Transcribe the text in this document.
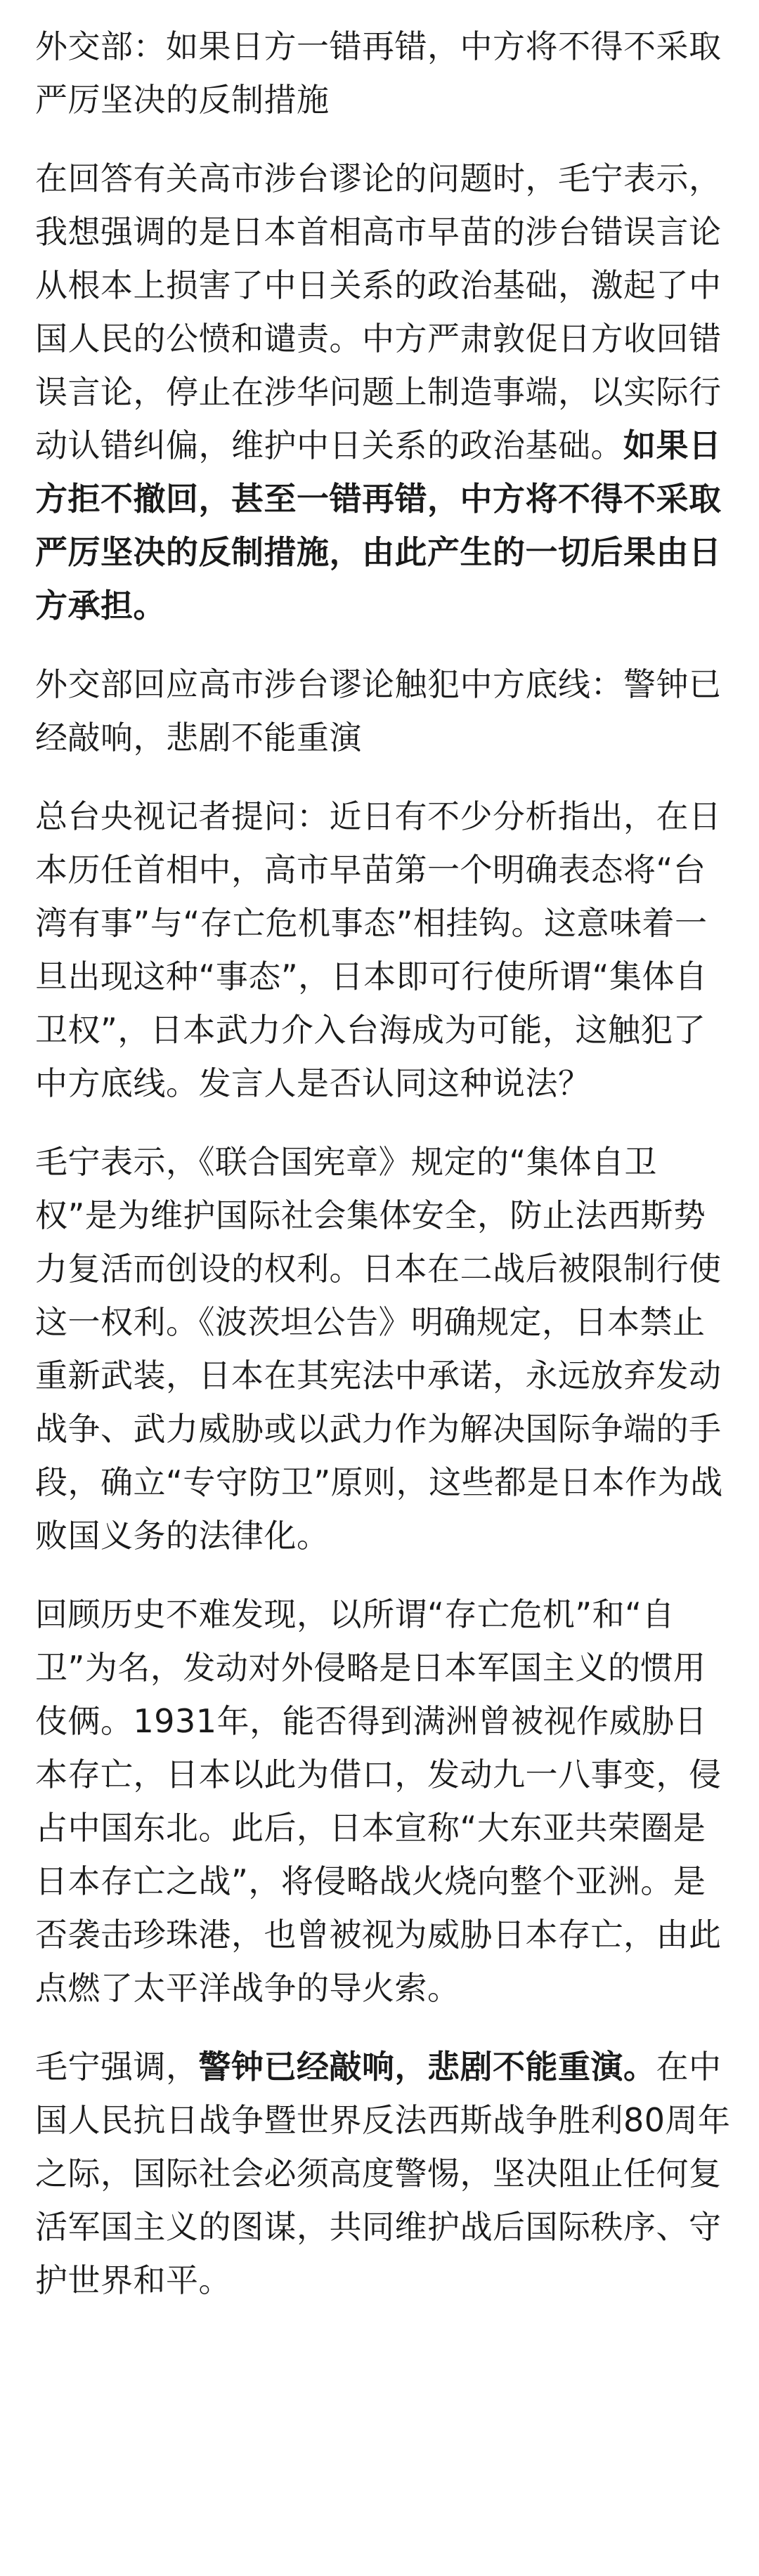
外交部：如果日方一错再错，中方将不得不采取严厉坚决的反制措施

在回答有关高市涉台谬论的问题时，毛宁表示，我想强调的是日本首相高市早苗的涉台错误言论从根本上损害了中日关系的政治基础，激起了中国人民的公愤和谴责。中方严肃敦促日方收回错误言论，停止在涉华问题上制造事端，以实际行动认错纠偏，维护中日关系的政治基础。如果日方拒不撤回，甚至一错再错，中方将不得不采取严厉坚决的反制措施，由此产生的一切后果由日方承担。

外交部回应高市涉台谬论触犯中方底线：警钟已经敲响，悲剧不能重演

总台央视记者提问：近日有不少分析指出，在日本历任首相中，高市早苗第一个明确表态将“台湾有事”与“存亡危机事态”相挂钩。这意味着一旦出现这种“事态”，日本即可行使所谓“集体自卫权”，日本武力介入台海成为可能，这触犯了中方底线。发言人是否认同这种说法？

毛宁表示，《联合国宪章》规定的“集体自卫权”是为维护国际社会集体安全，防止法西斯势力复活而创设的权利。日本在二战后被限制行使这一权利。《波茨坦公告》明确规定，日本禁止重新武装，日本在其宪法中承诺，永远放弃发动战争、武力威胁或以武力作为解决国际争端的手段，确立“专守防卫”原则，这些都是日本作为战败国义务的法律化。

回顾历史不难发现，以所谓“存亡危机”和“自卫”为名，发动对外侵略是日本军国主义的惯用伎俩。1931年，能否得到满洲曾被视作威胁日本存亡，日本以此为借口，发动九一八事变，侵占中国东北。此后，日本宣称“大东亚共荣圈是日本存亡之战”，将侵略战火烧向整个亚洲。是否袭击珍珠港，也曾被视为威胁日本存亡，由此点燃了太平洋战争的导火索。

毛宁强调，警钟已经敲响，悲剧不能重演。在中国人民抗日战争暨世界反法西斯战争胜利80周年之际，国际社会必须高度警惕，坚决阻止任何复活军国主义的图谋，共同维护战后国际秩序、守护世界和平。
